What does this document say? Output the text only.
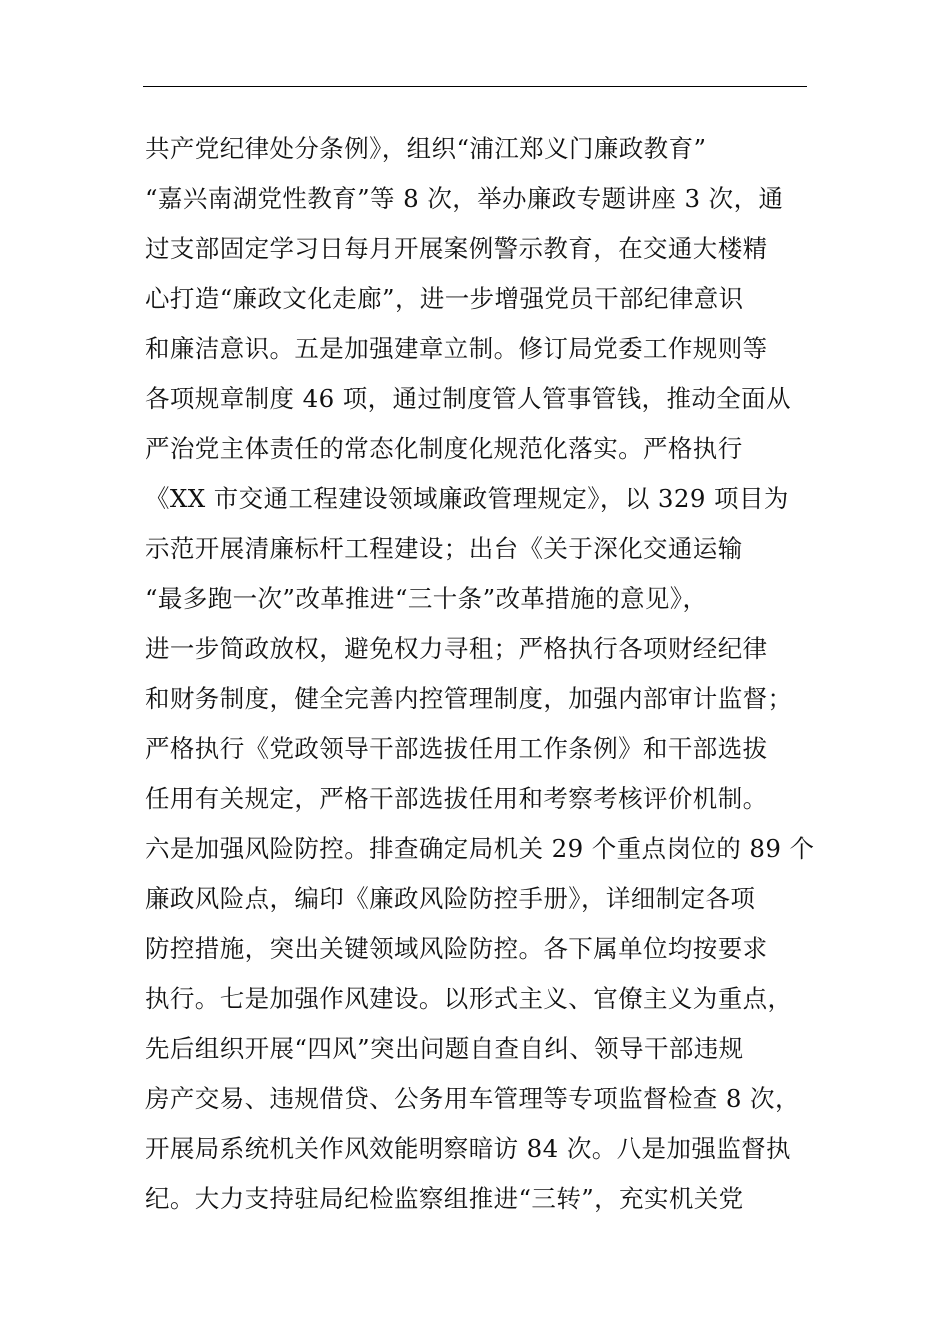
共产党纪律处分条例》，组织“浦江郑义门廉政教育”
“嘉兴南湖党性教育”等 8 次，举办廉政专题讲座 3 次，通
过支部固定学习日每月开展案例警示教育，在交通大楼精
心打造“廉政文化走廊”，进一步增强党员干部纪律意识
和廉洁意识。五是加强建章立制。修订局党委工作规则等
各项规章制度 46 项，通过制度管人管事管钱，推动全面从
严治党主体责任的常态化制度化规范化落实。严格执行
《XX 市交通工程建设领域廉政管理规定》，以 329 项目为
示范开展清廉标杆工程建设；出台《关于深化交通运输
“最多跑一次”改革推进“三十条”改革措施的意见》，
进一步简政放权，避免权力寻租；严格执行各项财经纪律
和财务制度，健全完善内控管理制度，加强内部审计监督；
严格执行《党政领导干部选拔任用工作条例》和干部选拔
任用有关规定，严格干部选拔任用和考察考核评价机制。
六是加强风险防控。排查确定局机关 29 个重点岗位的 89 个
廉政风险点，编印《廉政风险防控手册》，详细制定各项
防控措施，突出关键领域风险防控。各下属单位均按要求
执行。七是加强作风建设。以形式主义、官僚主义为重点，
先后组织开展“四风”突出问题自查自纠、领导干部违规
房产交易、违规借贷、公务用车管理等专项监督检查 8 次，
开展局系统机关作风效能明察暗访 84 次。八是加强监督执
纪。大力支持驻局纪检监察组推进“三转”，充实机关党
